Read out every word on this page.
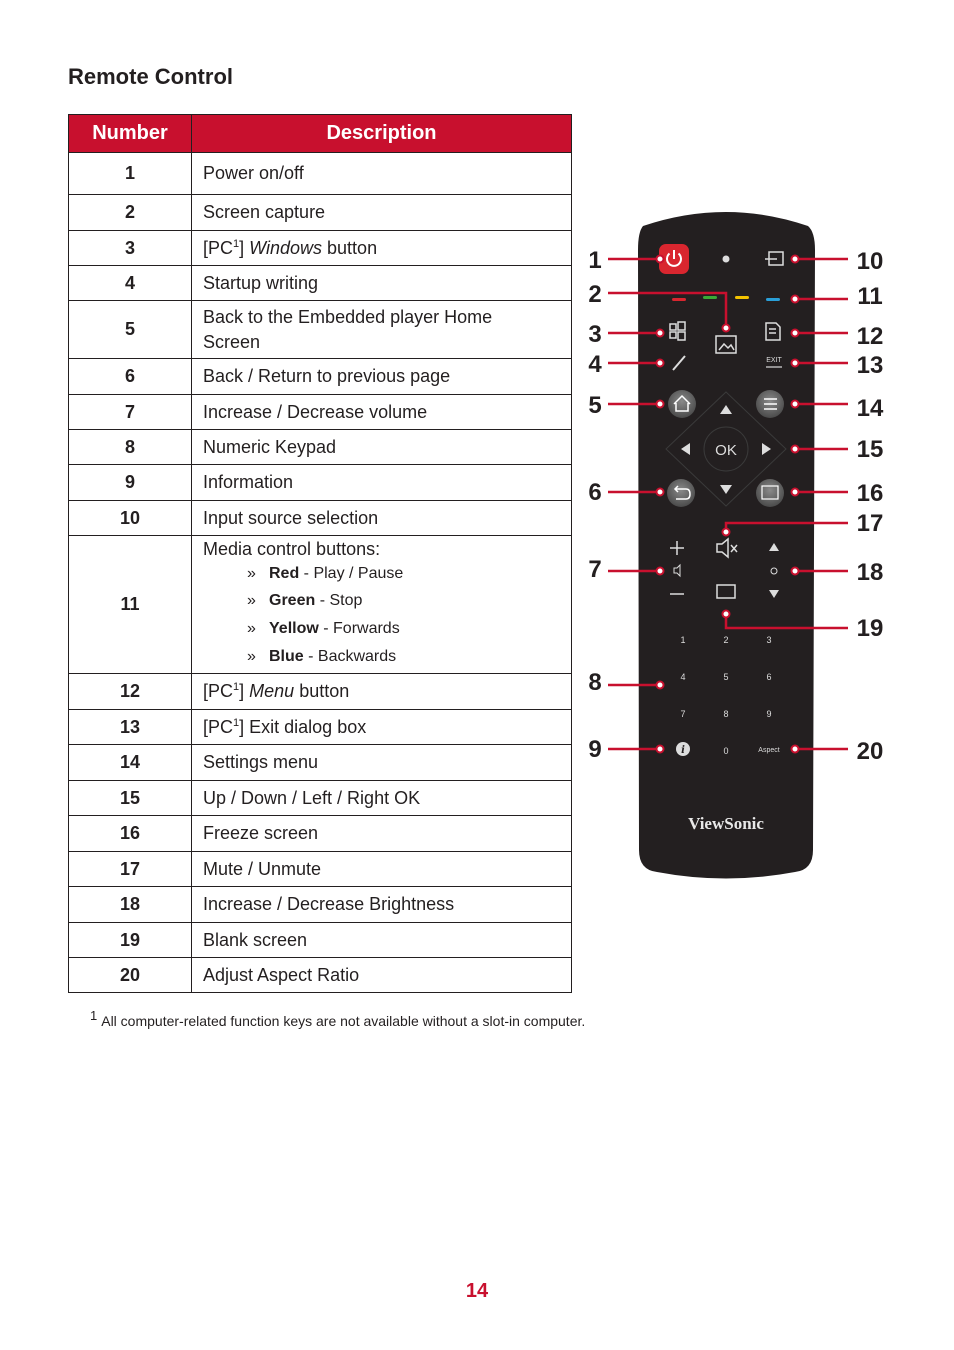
Remote Control
Number	Description
1	Power on/off
2	Screen capture
3	$[PC^1]$ Windows button
4	Startup writing
5	Back to the Embedded player Home Screen
6	Back / Return to previous page
7	Increase / Decrease volume
8	Numeric Keypad
9	Information
10	Input source selection
11	Media control buttons:
» Red - Play / Pause
» Green - Stop
» Yellow - Forwards
» Blue - Backwards

12	$[PC^1]$ Menu button
13	$[PC^1]$ Exit dialog box
14	Settings menu
15	Up / Down / Left / Right OK
16	Freeze screen
17	Mute / Unmute
18	Increase / Decrease Brightness
19	Blank screen
20	Adjust Aspect Ratio
$^1$ All computer-related function keys are not available without a slot-in computer.
14
EXIT
OK
1	2	3
4	5	6
7	8	9
0	Aspect
i
ViewSonic
1
2
3
4
5
6
7
8
9
10
11
12
13
14
15
16
17
18
19
20
